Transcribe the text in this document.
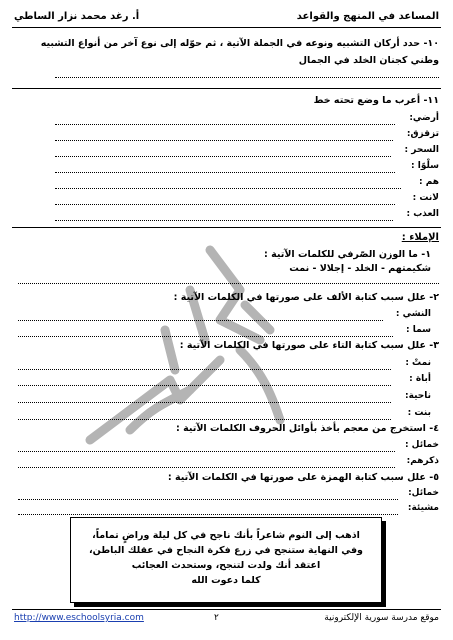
المساعد في المنهج والقواعد
أ. رغد محمد نزار الساطي
١٠- حدد أركان التشبيه ونوعه في الجملة الآتية ، ثم حوّله إلى نوع آخر من أنواع التشبيه
وطني كجنان الخلد في الجمال
١١- أعرب ما وضع تحته خط
أرضي:
تزقزق:
السحر :
سلْوًا :
هم :
لانت :
العذب :
الإملاء :
١- ما الوزن الصّرفي للكلمات الآتية :
شكيمتهم - الخلد - إجلالا - نمت
٢- علل سبب كتابة الألف على صورتها في الكلمات الآتية :
النشي :
سما :
٣- علل سبب كتابة التاء على صورتها في الكلمات الآتية :
نمتْ :
أباة :
ناحية:
بنت :
٤- استخرج من معجم بأخذ بأوائل الحروف الكلمات الآتية :
خمائل :
ذكرهم:
٥- علل سبب كتابة الهمزة على صورتها في الكلمات الآتية :
خمائل:
مشيئة:
اذهب إلى النوم شاعراً بأنك ناجح في كل ليلة وراضٍ تماماً،
وفي النهاية ستنجح في زرع فكرة النجاح في عقلك الباطن،
اعتقد أنك ولدت لتنجح، وستحدث العجائب
كلما دعوت الله
موقع مدرسة سورية الإلكترونية
٢
http://www.eschoolsyria.com
